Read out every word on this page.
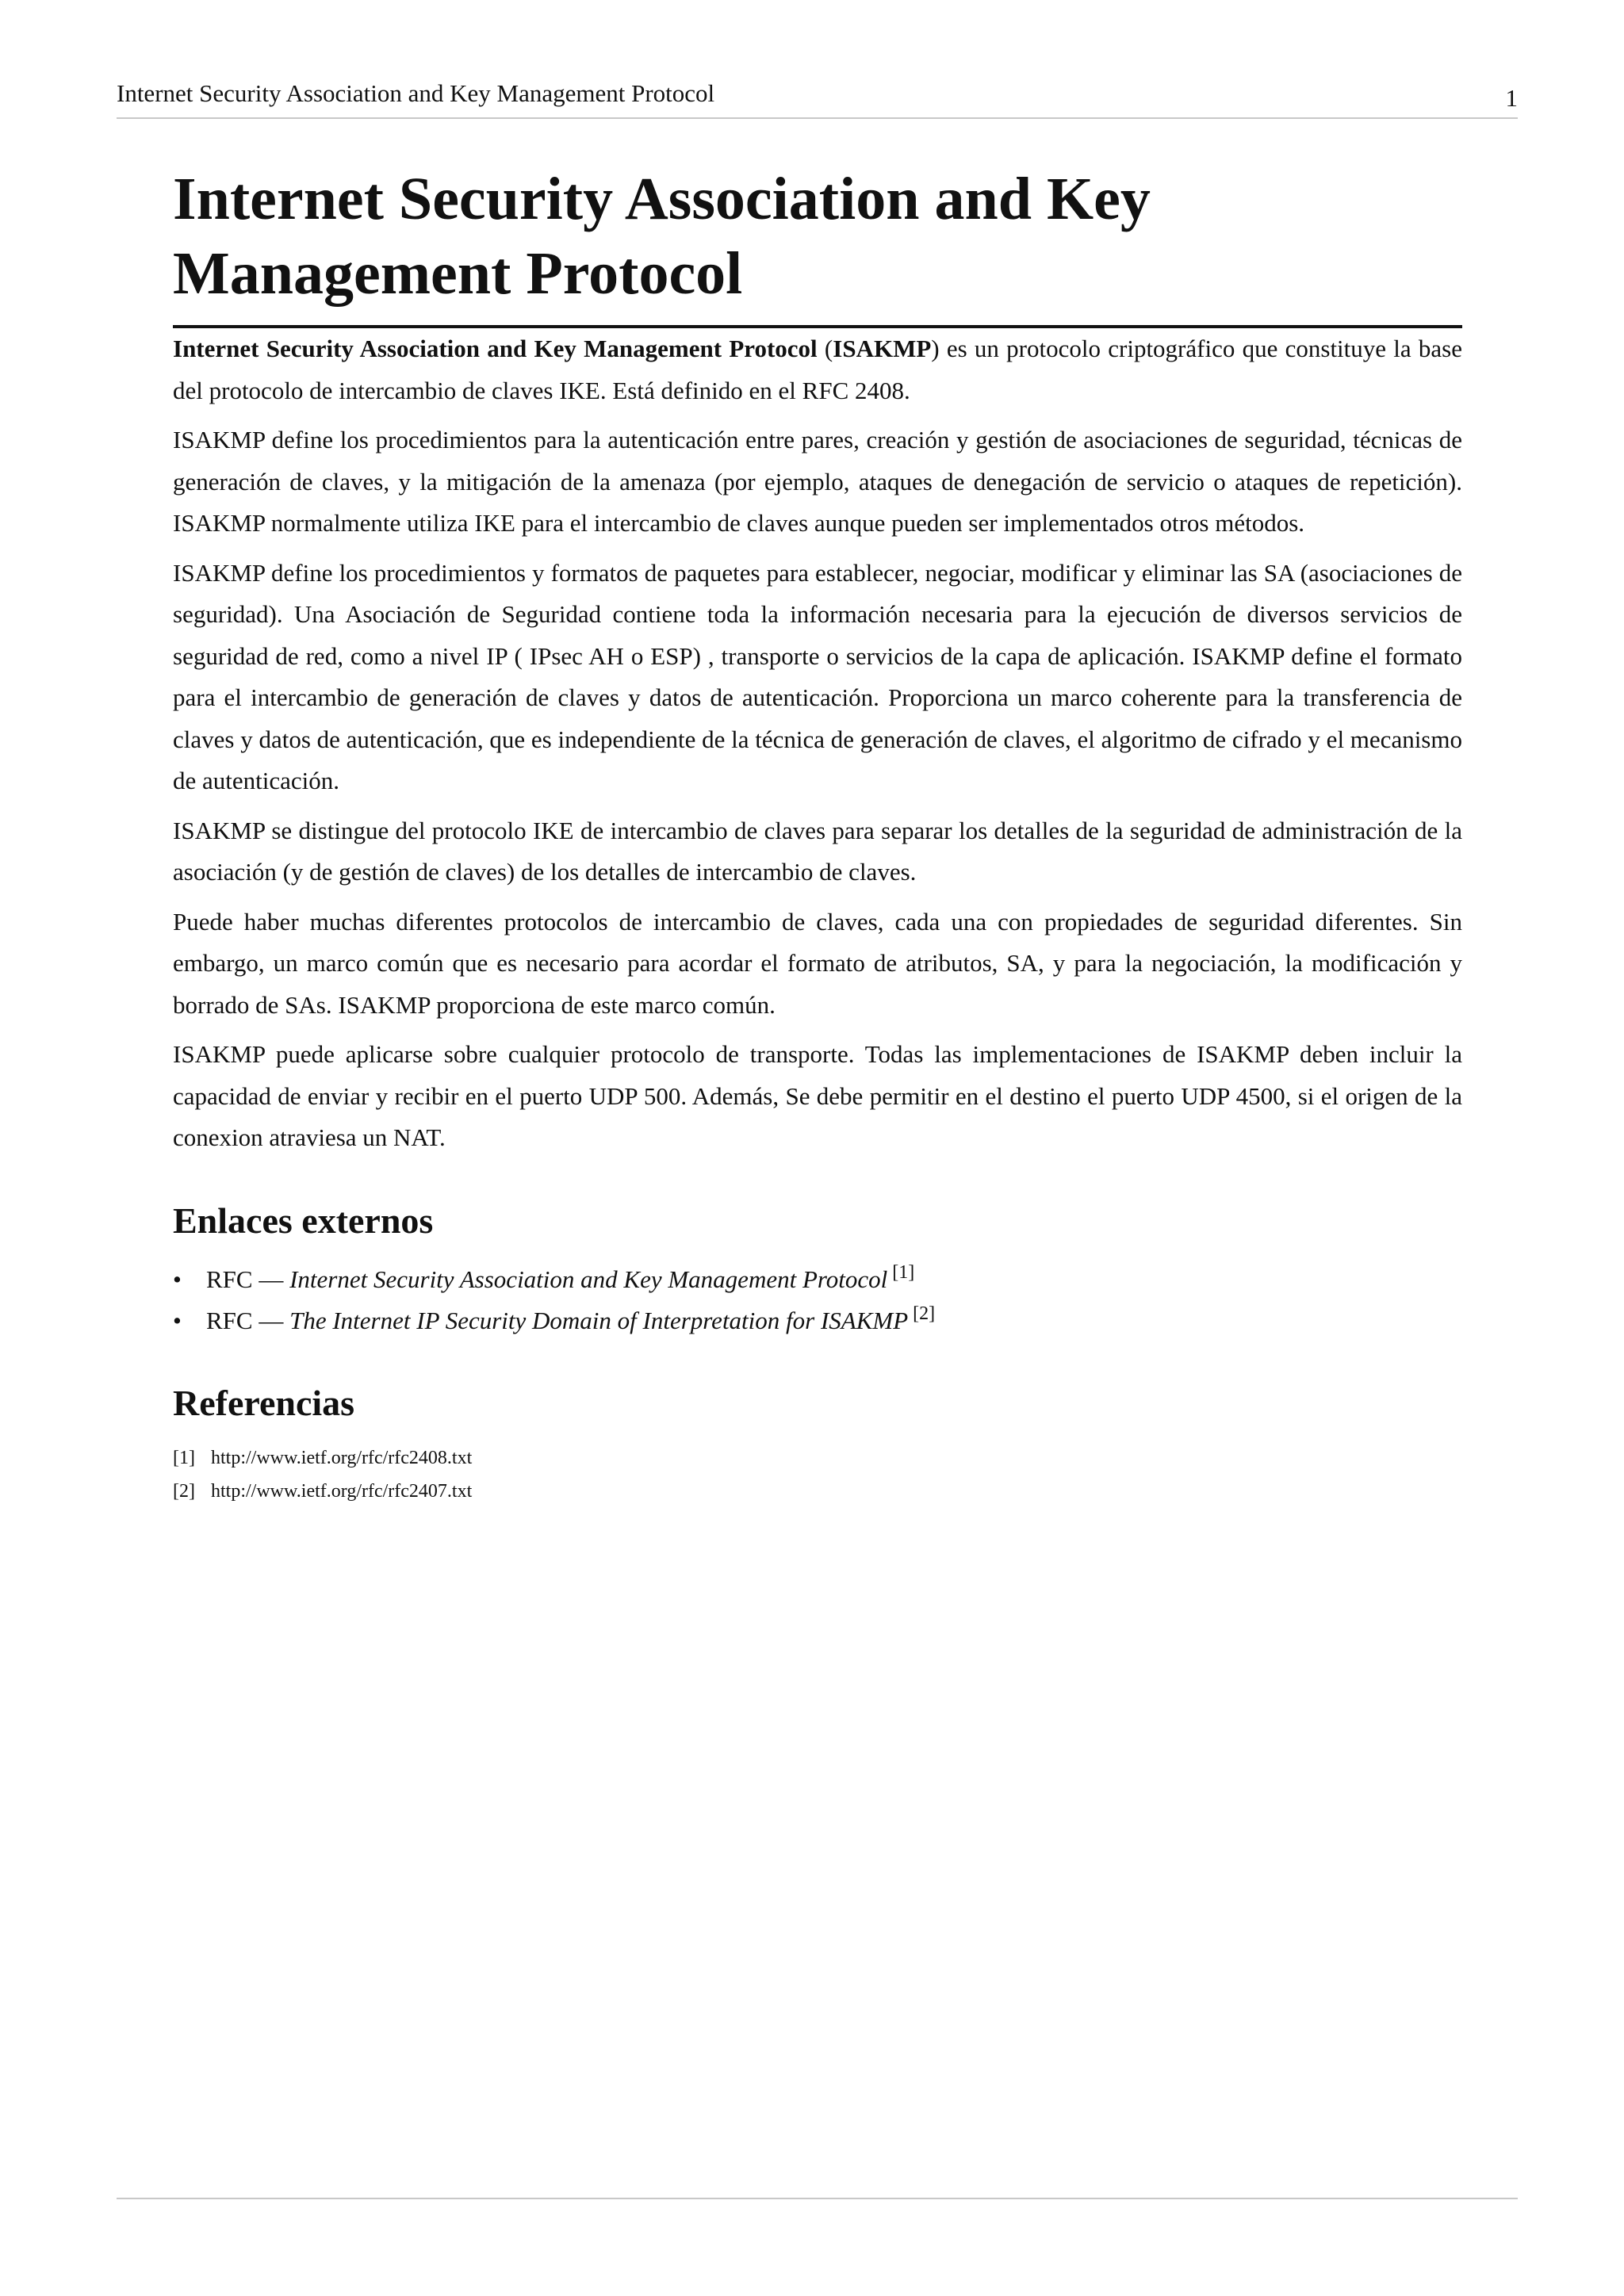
Internet Security Association and Key Management Protocol	1
Internet Security Association and Key
Management Protocol

Internet Security Association and Key Management Protocol (ISAKMP) es un protocolo criptográfico que constituye la base del protocolo de intercambio de claves IKE. Está definido en el RFC 2408.

ISAKMP define los procedimientos para la autenticación entre pares, creación y gestión de asociaciones de seguridad, técnicas de generación de claves, y la mitigación de la amenaza (por ejemplo, ataques de denegación de servicio o ataques de repetición). ISAKMP normalmente utiliza IKE para el intercambio de claves aunque pueden ser implementados otros métodos.

ISAKMP define los procedimientos y formatos de paquetes para establecer, negociar, modificar y eliminar las SA (asociaciones de seguridad). Una Asociación de Seguridad contiene toda la información necesaria para la ejecución de diversos servicios de seguridad de red, como a nivel IP ( IPsec AH o ESP) , transporte o servicios de la capa de aplicación. ISAKMP define el formato para el intercambio de generación de claves y datos de autenticación. Proporciona un marco coherente para la transferencia de claves y datos de autenticación, que es independiente de la técnica de generación de claves, el algoritmo de cifrado y el mecanismo de autenticación.

ISAKMP se distingue del protocolo IKE de intercambio de claves para separar los detalles de la seguridad de administración de la asociación (y de gestión de claves) de los detalles de intercambio de claves.

Puede haber muchas diferentes protocolos de intercambio de claves, cada una con propiedades de seguridad diferentes. Sin embargo, un marco común que es necesario para acordar el formato de atributos, SA, y para la negociación, la modificación y borrado de SAs. ISAKMP proporciona de este marco común.

ISAKMP puede aplicarse sobre cualquier protocolo de transporte. Todas las implementaciones de ISAKMP deben incluir la capacidad de enviar y recibir en el puerto UDP 500. Además, Se debe permitir en el destino el puerto UDP 4500, si el origen de la conexion atraviesa un NAT.

Enlaces externos
• RFC — Internet Security Association and Key Management Protocol [1]
• RFC — The Internet IP Security Domain of Interpretation for ISAKMP [2]
Referencias
[1] http://www.ietf.org/rfc/rfc2408.txt
[2] http://www.ietf.org/rfc/rfc2407.txt
